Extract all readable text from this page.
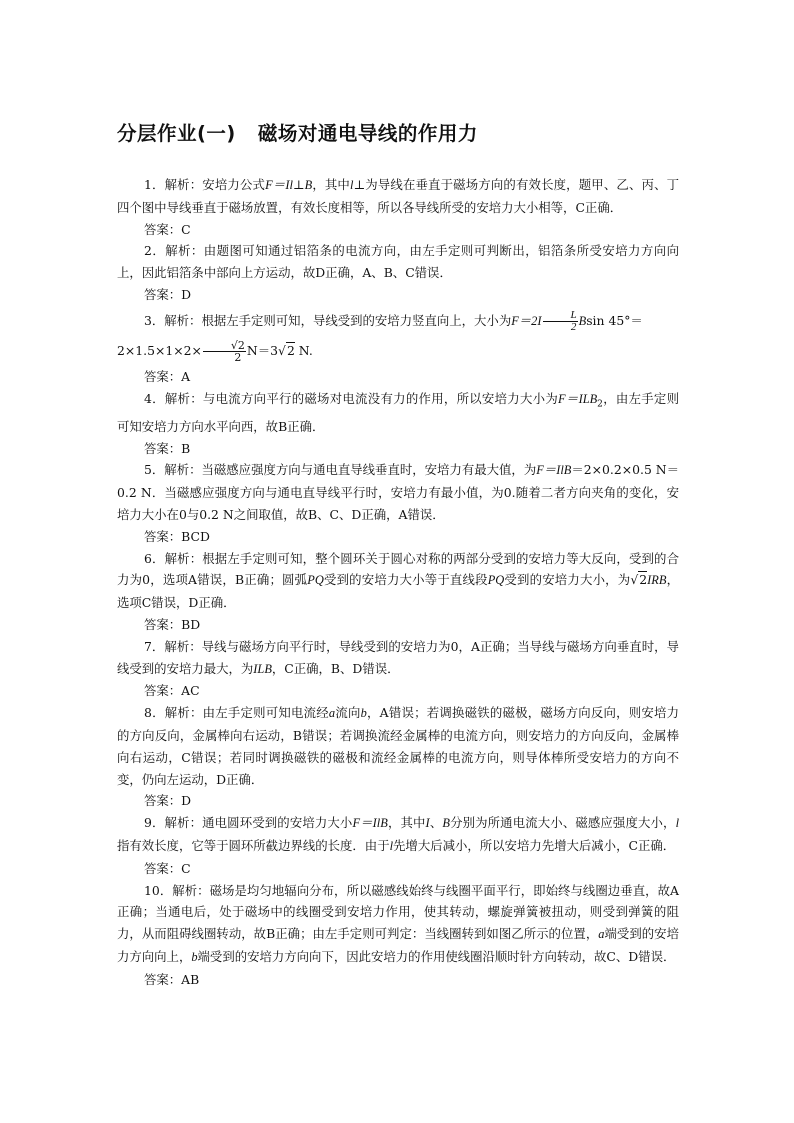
分层作业(一) 磁场对通电导线的作用力

1．解析：安培力公式F＝Il⊥B，其中l⊥为导线在垂直于磁场方向的有效长度，题甲、乙、丙、丁四个图中导线垂直于磁场放置，有效长度相等，所以各导线所受的安培力大小相等，C正确．

答案：C

2．解析：由题图可知通过铝箔条的电流方向，由左手定则可判断出，铝箔条所受安培力方向向上，因此铝箔条中部向上方运动，故D正确，A、B、C错误．

答案：D

3．解析：根据左手定则可知，导线受到的安培力竖直向上，大小为$F=2I \frac{L}{2}$ Bsin 45°＝
$2\times 1.5\times 1\times 2\times \frac{√2}{2} N=3√2$ N.

答案：A

4．解析：与电流方向平行的磁场对电流没有力的作用，所以安培力大小为$F=ILB_2$，由左手定则可知安培力方向水平向西，故B正确．

答案：B

5．解析：当磁感应强度方向与通电直导线垂直时，安培力有最大值，为F＝IlB＝2×0.2×0.5 N＝0.2 N．当磁感应强度方向与通电直导线平行时，安培力有最小值，为0.随着二者方向夹角的变化，安培力大小在0与0.2 N之间取值，故B、C、D正确，A错误．

答案：BCD

6．解析：根据左手定则可知，整个圆环关于圆心对称的两部分受到的安培力等大反向，受到的合力为0，选项A错误，B正确；圆弧PQ受到的安培力大小等于直线段PQ受到的安培力大小，为√2IRB，选项C错误，D正确．

答案：BD

7．解析：导线与磁场方向平行时，导线受到的安培力为0，A正确；当导线与磁场方向垂直时，导线受到的安培力最大，为ILB，C正确，B、D错误．

答案：AC

8．解析：由左手定则可知电流经a流向b，A错误；若调换磁铁的磁极，磁场方向反向，则安培力的方向反向，金属棒向右运动，B错误；若调换流经金属棒的电流方向，则安培力的方向反向，金属棒向右运动，C错误；若同时调换磁铁的磁极和流经金属棒的电流方向，则导体棒所受安培力的方向不变，仍向左运动，D正确．

答案：D

9．解析：通电圆环受到的安培力大小F＝IlB，其中I、B分别为所通电流大小、磁感应强度大小，l指有效长度，它等于圆环所截边界线的长度．由于l先增大后减小，所以安培力先增大后减小，C正确．

答案：C

10．解析：磁场是均匀地辐向分布，所以磁感线始终与线圈平面平行，即始终与线圈边垂直，故A正确；当通电后，处于磁场中的线圈受到安培力作用，使其转动，螺旋弹簧被扭动，则受到弹簧的阻力，从而阻碍线圈转动，故B正确；由左手定则可判定：当线圈转到如图乙所示的位置，a端受到的安培力方向向上，b端受到的安培力方向向下，因此安培力的作用使线圈沿顺时针方向转动，故C、D错误．

答案：AB
